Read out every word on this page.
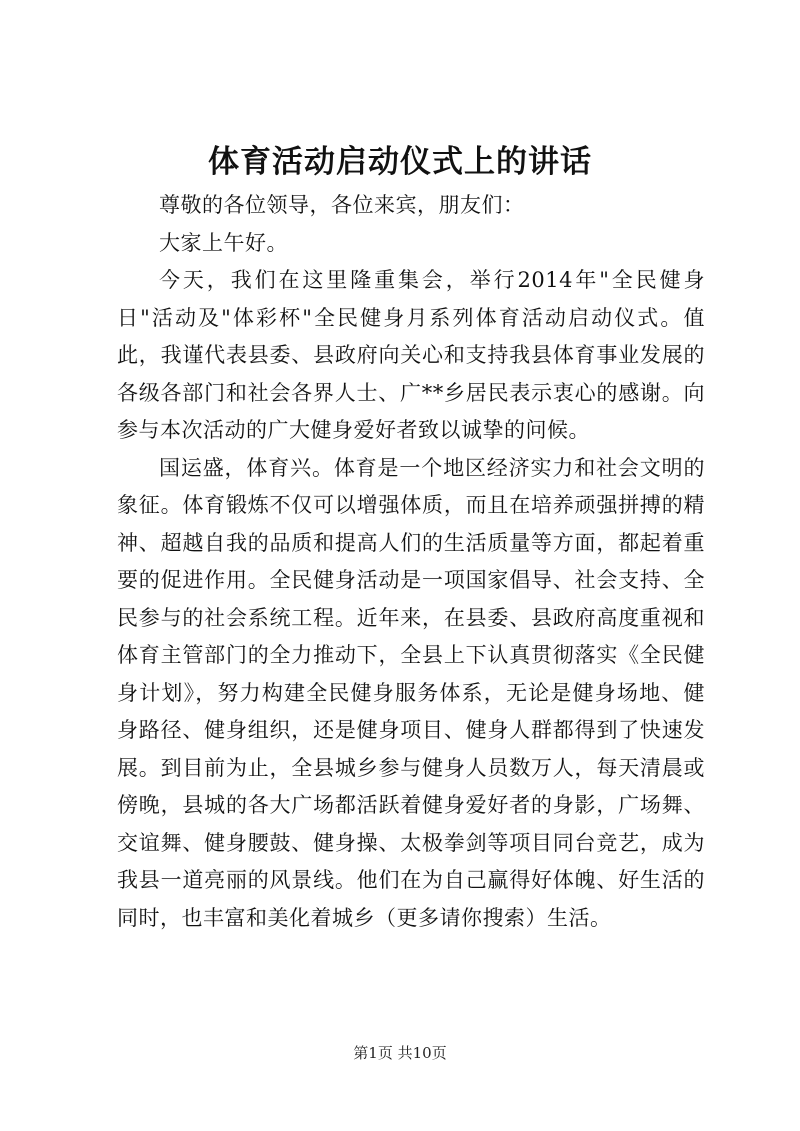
体育活动启动仪式上的讲话

尊敬的各位领导，各位来宾，朋友们：

大家上午好。

今天，我们在这里隆重集会，举行2014年"全民健身日"活动及"体彩杯"全民健身月系列体育活动启动仪式。值此，我谨代表县委、县政府向关心和支持我县体育事业发展的各级各部门和社会各界人士、广**乡居民表示衷心的感谢。向参与本次活动的广大健身爱好者致以诚挚的问候。

国运盛，体育兴。体育是一个地区经济实力和社会文明的象征。体育锻炼不仅可以增强体质，而且在培养顽强拼搏的精神、超越自我的品质和提高人们的生活质量等方面，都起着重要的促进作用。全民健身活动是一项国家倡导、社会支持、全民参与的社会系统工程。近年来，在县委、县政府高度重视和体育主管部门的全力推动下，全县上下认真贯彻落实《全民健身计划》，努力构建全民健身服务体系，无论是健身场地、健身路径、健身组织，还是健身项目、健身人群都得到了快速发展。到目前为止，全县城乡参与健身人员数万人，每天清晨或傍晚，县城的各大广场都活跃着健身爱好者的身影，广场舞、交谊舞、健身腰鼓、健身操、太极拳剑等项目同台竞艺，成为我县一道亮丽的风景线。他们在为自己赢得好体魄、好生活的同时，也丰富和美化着城乡（更多请你搜索）生活。

第1页 共10页
